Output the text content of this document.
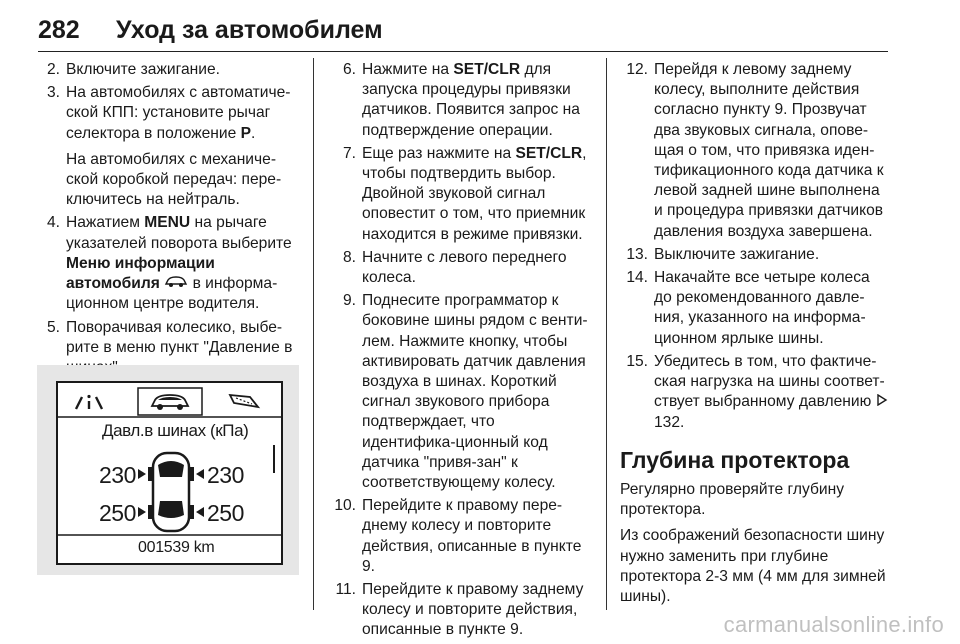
282 Уход за автомобилем
2. Включите зажигание.
3. На автомобилях с автоматиче-ской КПП: установите рычаг селектора в положение P.
На автомобилях с механиче-ской коробкой передач: пере-ключитесь на нейтраль.
4. Нажатием MENU на рычаге указателей поворота выберите Меню информации автомобиля  в информа-ционном центре водителя.
5. Поворачивая колесико, выбе-рите в меню пункт "Давление в
Давл.в шинах (кПа)
230	230
250	250
001539 km
6. Нажмите на SET/CLR для запуска процедуры привязки датчиков. Появится запрос на подтверждение операции.
7. Еще раз нажмите на SET/CLR, чтобы подтвердить выбор. Двойной звуковой сигнал оповестит о том, что приемник находится в режиме привязки.
8. Начните с левого переднего колеса.
9. Поднесите программатор к боковине шины рядом с венти-лем. Нажмите кнопку, чтобы активировать датчик давления воздуха в шинах. Короткий сигнал звукового прибора подтверждает, что идентифика-ционный код датчика "привя-зан" к соответствующему колесу.
10. Перейдите к правому пере-днему колесу и повторите действия, описанные в пункте 9.
11. Перейдите к правому заднему колесу и повторите действия, описанные в пункте 9.
12. Перейдя к левому заднему колесу, выполните действия согласно пункту 9. Прозвучат два звуковых сигнала, опове-щая о том, что привязка иден-тификационного кода датчика к левой задней шине выполнена и процедура привязки датчиков давления воздуха завершена.
13. Выключите зажигание.
14. Накачайте все четыре колеса до рекомендованного давле-ния, указанного на информа-ционном ярлыке шины.
15. Убедитесь в том, что фактиче-ская нагрузка на шины соответ-ствует выбранному давлению  132.
Глубина протектора

Регулярно проверяйте глубину протектора.

Из соображений безопасности шину нужно заменить при глубине протектора 2-3 мм (4 мм для зимней шины).

carmanualsonline.info
